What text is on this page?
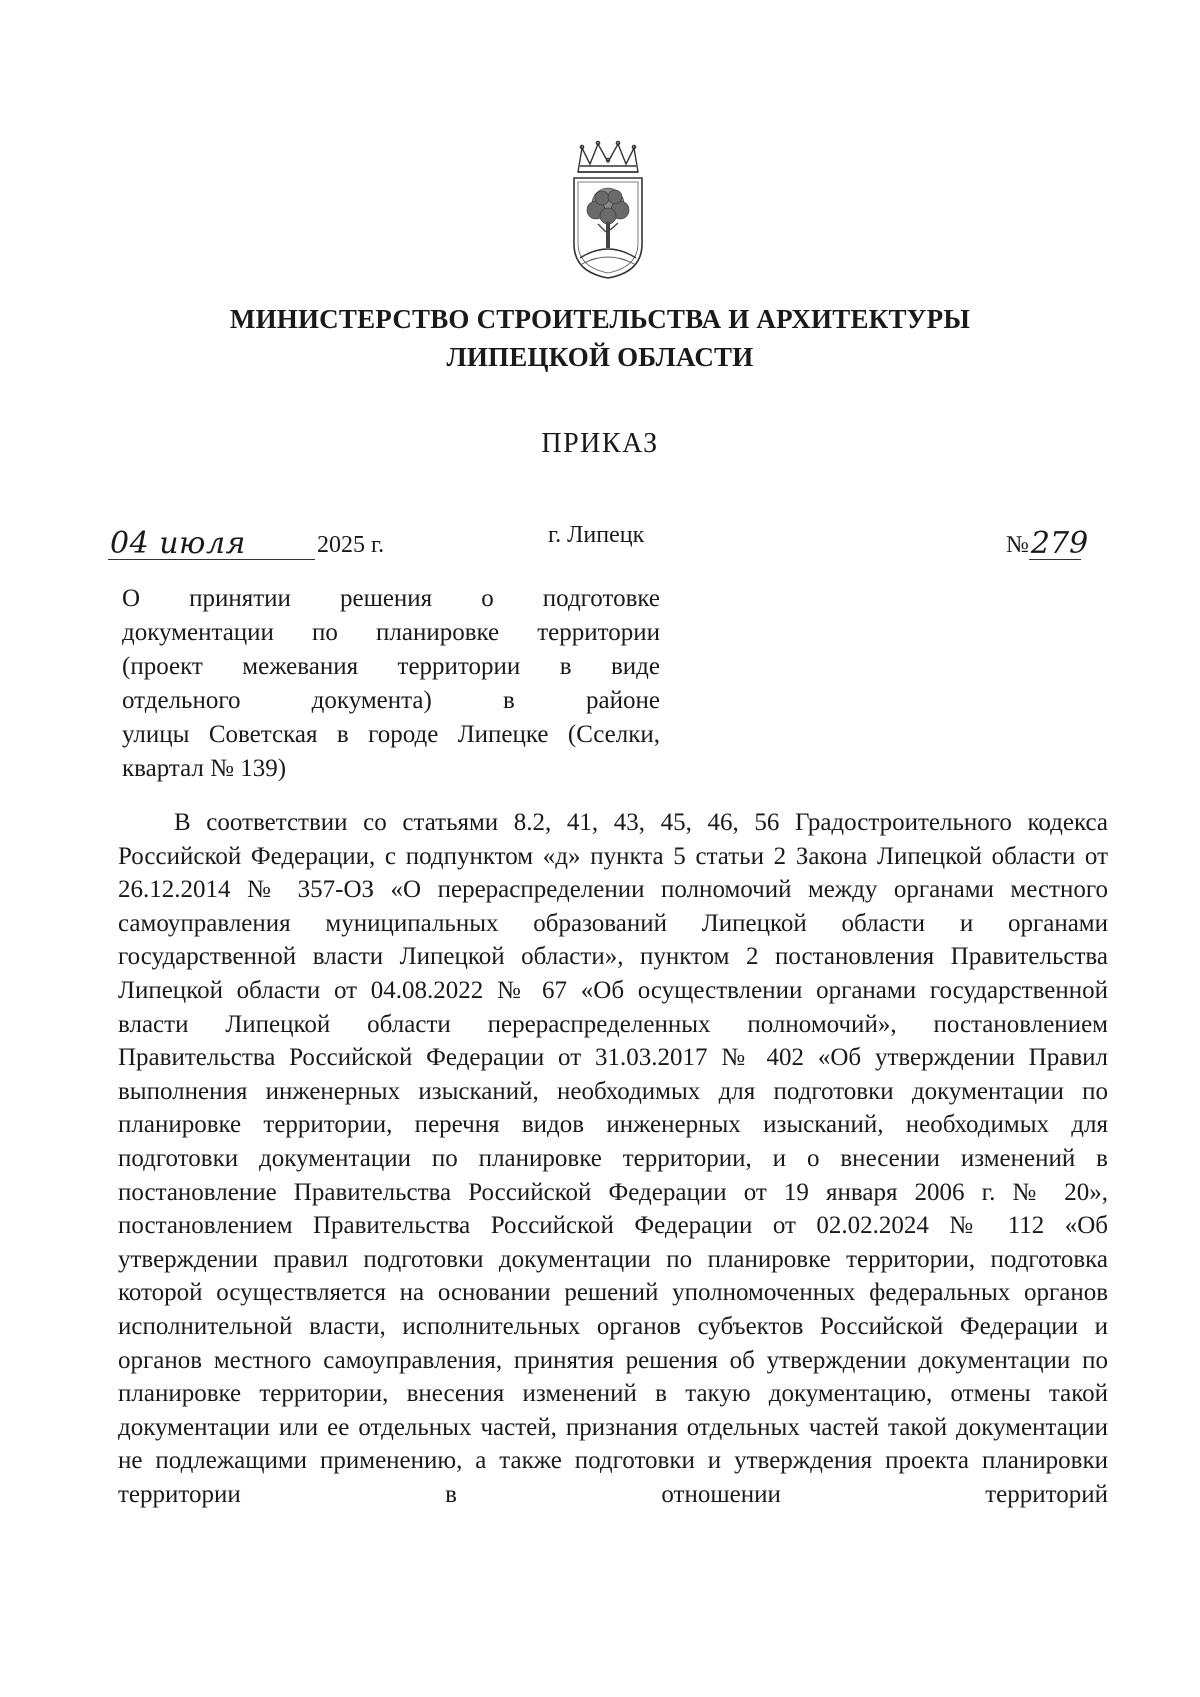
МИНИСТЕРСТВО СТРОИТЕЛЬСТВА И АРХИТЕКТУРЫ
ЛИПЕЦКОЙ ОБЛАСТИ
ПРИКАЗ
04 июля	2025 г.	г. Липецк	№ 279
О принятии решения о подготовке
документации по планировке территории
(проект межевания территории в виде
отдельного документа) в районе
улицы Советская в городе Липецке (Сселки,
квартал № 139)

В соответствии со статьями 8.2, 41, 43, 45, 46, 56 Градостроительного кодекса Российской Федерации, с подпунктом «д» пункта 5 статьи 2 Закона Липецкой области от 26.12.2014 № 357-ОЗ «О перераспределении полномочий между органами местного самоуправления муниципальных образований Липецкой области и органами государственной власти Липецкой области», пунктом 2 постановления Правительства Липецкой области от 04.08.2022 № 67 «Об осуществлении органами государственной власти Липецкой области перераспределенных полномочий», постановлением Правительства Российской Федерации от 31.03.2017 № 402 «Об утверждении Правил выполнения инженерных изысканий, необходимых для подготовки документации по планировке территории, перечня видов инженерных изысканий, необходимых для подготовки документации по планировке территории, и о внесении изменений в постановление Правительства Российской Федерации от 19 января 2006 г. № 20», постановлением Правительства Российской Федерации от 02.02.2024 № 112 «Об утверждении правил подготовки документации по планировке территории, подготовка которой осуществляется на основании решений уполномоченных федеральных органов исполнительной власти, исполнительных органов субъектов Российской Федерации и органов местного самоуправления, принятия решения об утверждении документации по планировке территории, внесения изменений в такую документацию, отмены такой документации или ее отдельных частей, признания отдельных частей такой документации не подлежащими применению, а также подготовки и утверждения проекта планировки территории в отношении территорий
